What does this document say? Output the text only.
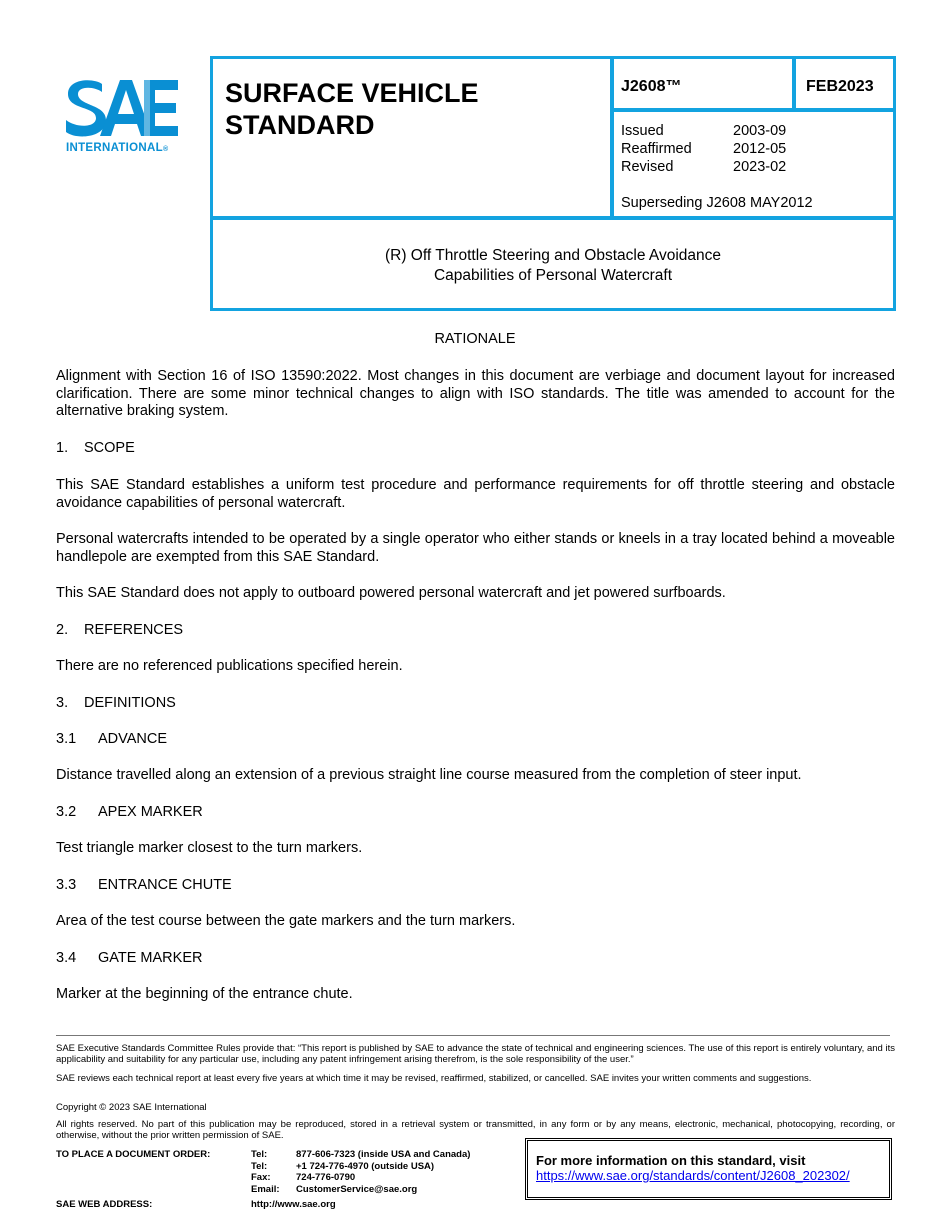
INTERNATIONAL®
SURFACE VEHICLE
STANDARD
J2608™	FEB2023
Issued	2003-09
Reaffirmed	2012-05
Revised	2023-02
Superseding J2608 MAY2012
(R) Off Throttle Steering and Obstacle Avoidance
Capabilities of Personal Watercraft
RATIONALE
Alignment with Section 16 of ISO 13590:2022. Most changes in this document are verbiage and document layout for increased clarification. There are some minor technical changes to align with ISO standards. The title was amended to account for the alternative braking system.
1. SCOPE
This SAE Standard establishes a uniform test procedure and performance requirements for off throttle steering and obstacle avoidance capabilities of personal watercraft.
Personal watercrafts intended to be operated by a single operator who either stands or kneels in a tray located behind a moveable handlepole are exempted from this SAE Standard.
This SAE Standard does not apply to outboard powered personal watercraft and jet powered surfboards.
2. REFERENCES
There are no referenced publications specified herein.
3. DEFINITIONS
3.1 ADVANCE
Distance travelled along an extension of a previous straight line course measured from the completion of steer input.
3.2 APEX MARKER
Test triangle marker closest to the turn markers.
3.3 ENTRANCE CHUTE
Area of the test course between the gate markers and the turn markers.
3.4 GATE MARKER
Marker at the beginning of the entrance chute.
SAE Executive Standards Committee Rules provide that: “This report is published by SAE to advance the state of technical and engineering sciences. The use of this report is entirely voluntary, and its applicability and suitability for any particular use, including any patent infringement arising therefrom, is the sole responsibility of the user.”
SAE reviews each technical report at least every five years at which time it may be revised, reaffirmed, stabilized, or cancelled. SAE invites your written comments and suggestions.
Copyright © 2023 SAE International
All rights reserved. No part of this publication may be reproduced, stored in a retrieval system or transmitted, in any form or by any means, electronic, mechanical, photocopying, recording, or otherwise, without the prior written permission of SAE.
TO PLACE A DOCUMENT ORDER:	Tel:	877-606-7323 (inside USA and Canada)
Tel:	+1 724-776-4970 (outside USA)
Fax:	724-776-0790
Email: CustomerService@sae.org
SAE WEB ADDRESS:	http://www.sae.org
For more information on this standard, visit
https://www.sae.org/standards/content/J2608_202302/
